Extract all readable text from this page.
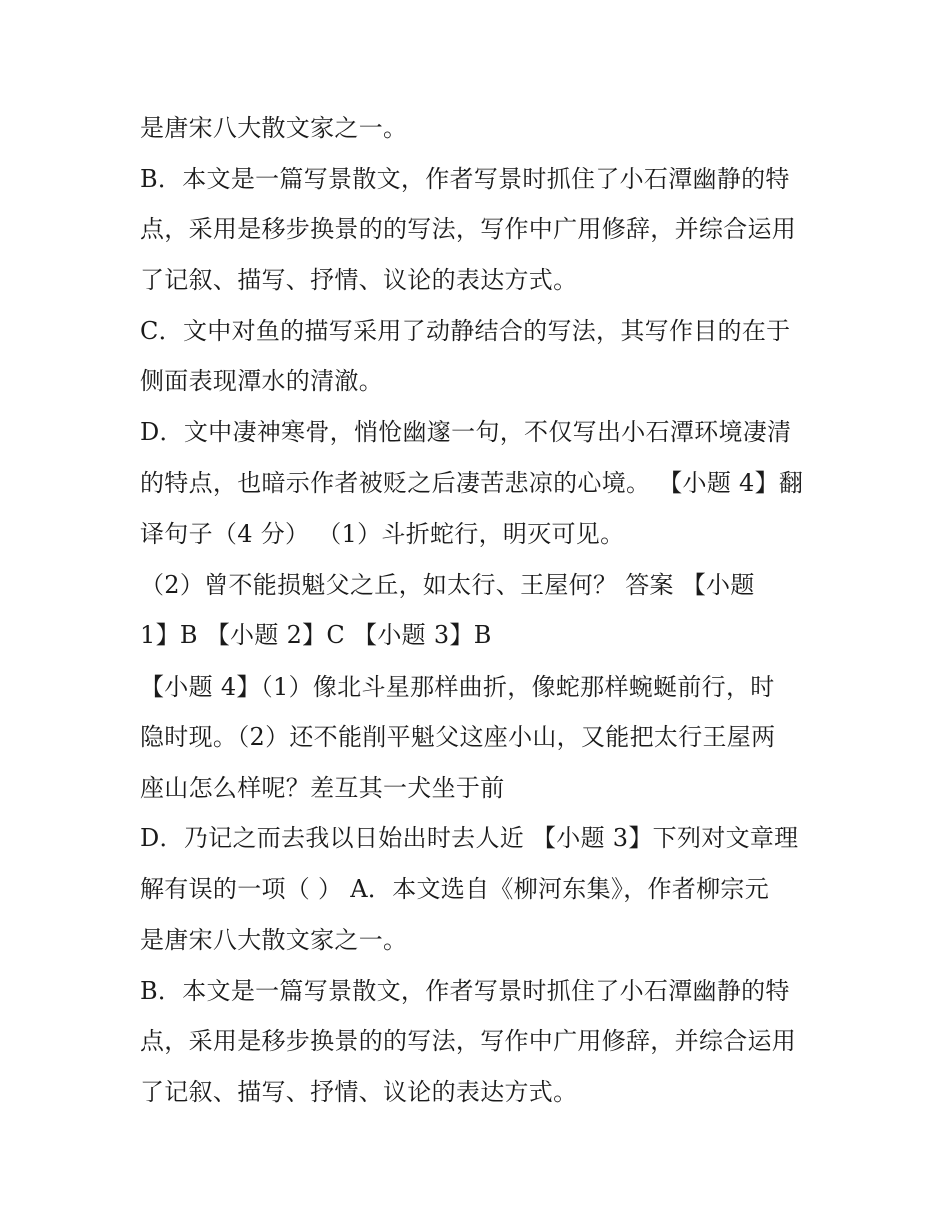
是唐宋八大散文家之一。
B．本文是一篇写景散文，作者写景时抓住了小石潭幽静的特
点，采用是移步换景的的写法，写作中广用修辞，并综合运用
了记叙、描写、抒情、议论的表达方式。
C．文中对鱼的描写采用了动静结合的写法，其写作目的在于
侧面表现潭水的清澈。
D．文中凄神寒骨，悄怆幽邃一句，不仅写出小石潭环境凄清
的特点，也暗示作者被贬之后凄苦悲凉的心境。 【小题 4】翻
译句子（4 分） （1）斗折蛇行，明灭可见。
（2）曾不能损魁父之丘，如太行、王屋何？ 答案 【小题
1】B 【小题 2】C 【小题 3】B
【小题 4】（1）像北斗星那样曲折，像蛇那样蜿蜒前行，时
隐时现。（2）还不能削平魁父这座小山，又能把太行王屋两
座山怎么样呢？差互其一犬坐于前
D．乃记之而去我以日始出时去人近 【小题 3】下列对文章理
解有误的一项（ ） A．本文选自《柳河东集》，作者柳宗元
是唐宋八大散文家之一。
B．本文是一篇写景散文，作者写景时抓住了小石潭幽静的特
点，采用是移步换景的的写法，写作中广用修辞，并综合运用
了记叙、描写、抒情、议论的表达方式。
